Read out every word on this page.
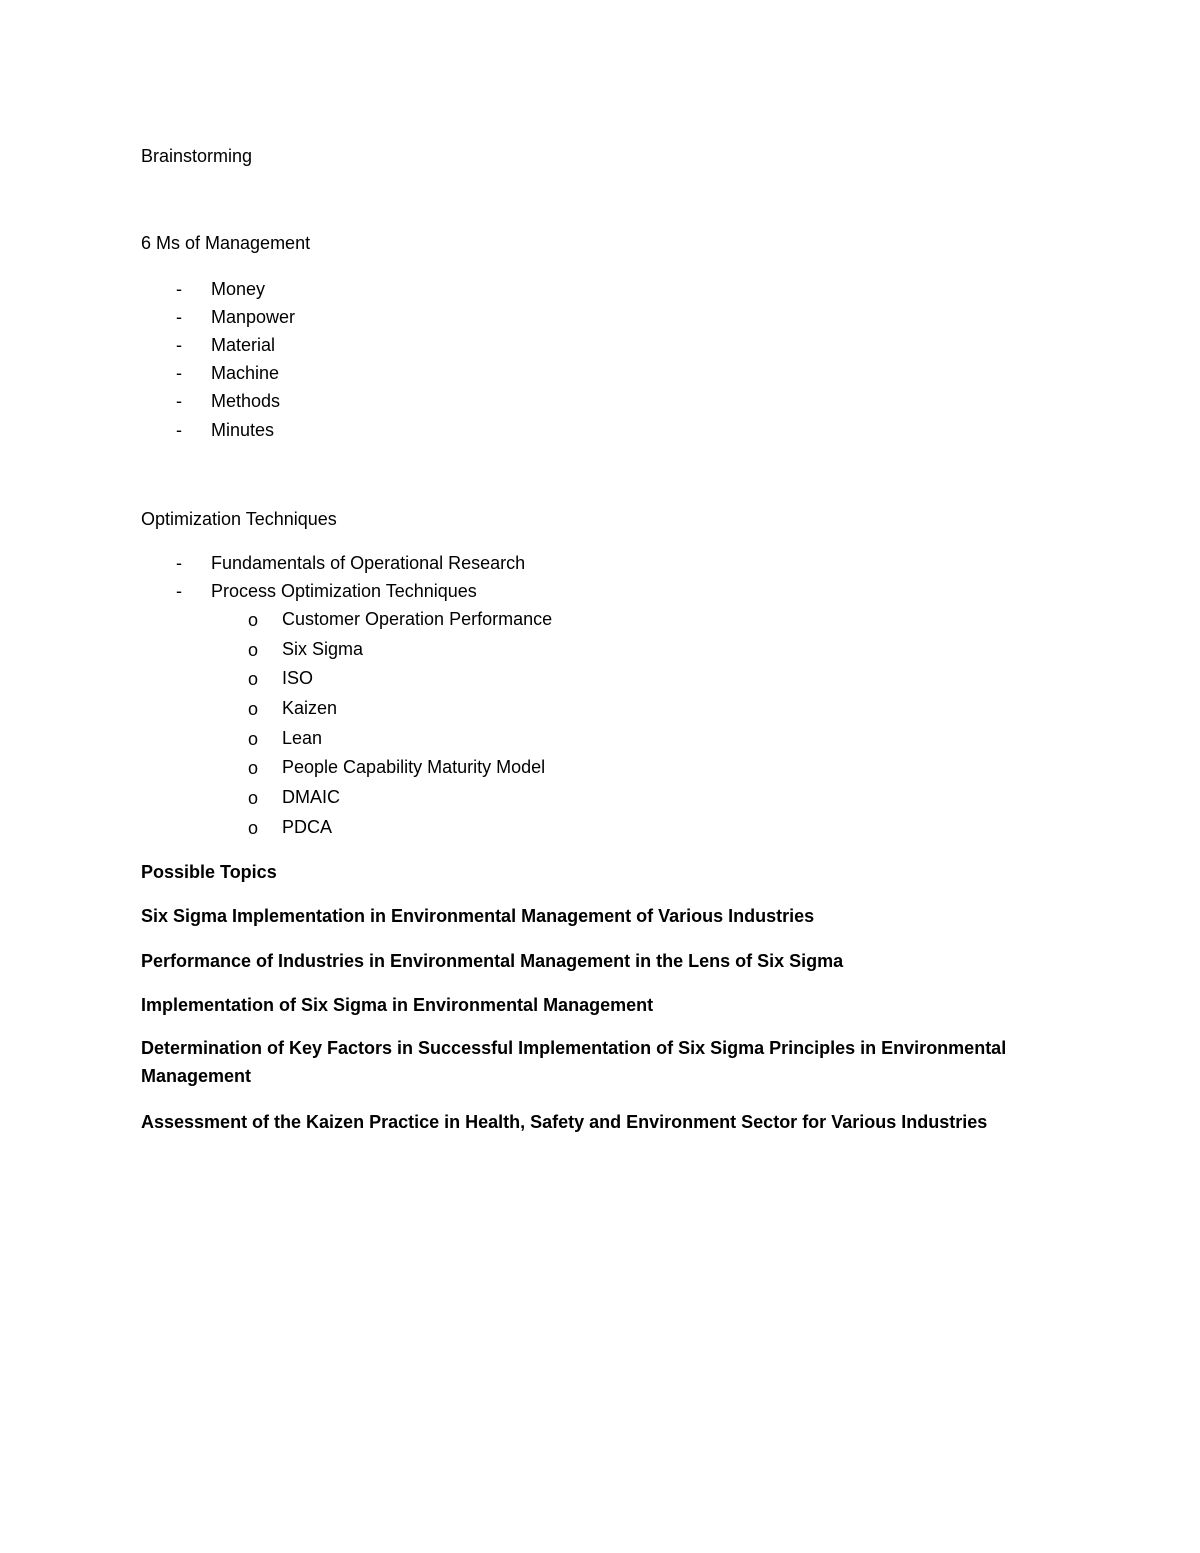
Brainstorming
6 Ms of Management
- Money
- Manpower
- Material
- Machine
- Methods
- Minutes
Optimization Techniques
- Fundamentals of Operational Research
- Process Optimization Techniques
o Customer Operation Performance
o Six Sigma
o ISO
o Kaizen
o Lean
o People Capability Maturity Model
o DMAIC
o PDCA
Possible Topics
Six Sigma Implementation in Environmental Management of Various Industries
Performance of Industries in Environmental Management in the Lens of Six Sigma
Implementation of Six Sigma in Environmental Management
Determination of Key Factors in Successful Implementation of Six Sigma Principles in Environmental Management
Assessment of the Kaizen Practice in Health, Safety and Environment Sector for Various Industries
